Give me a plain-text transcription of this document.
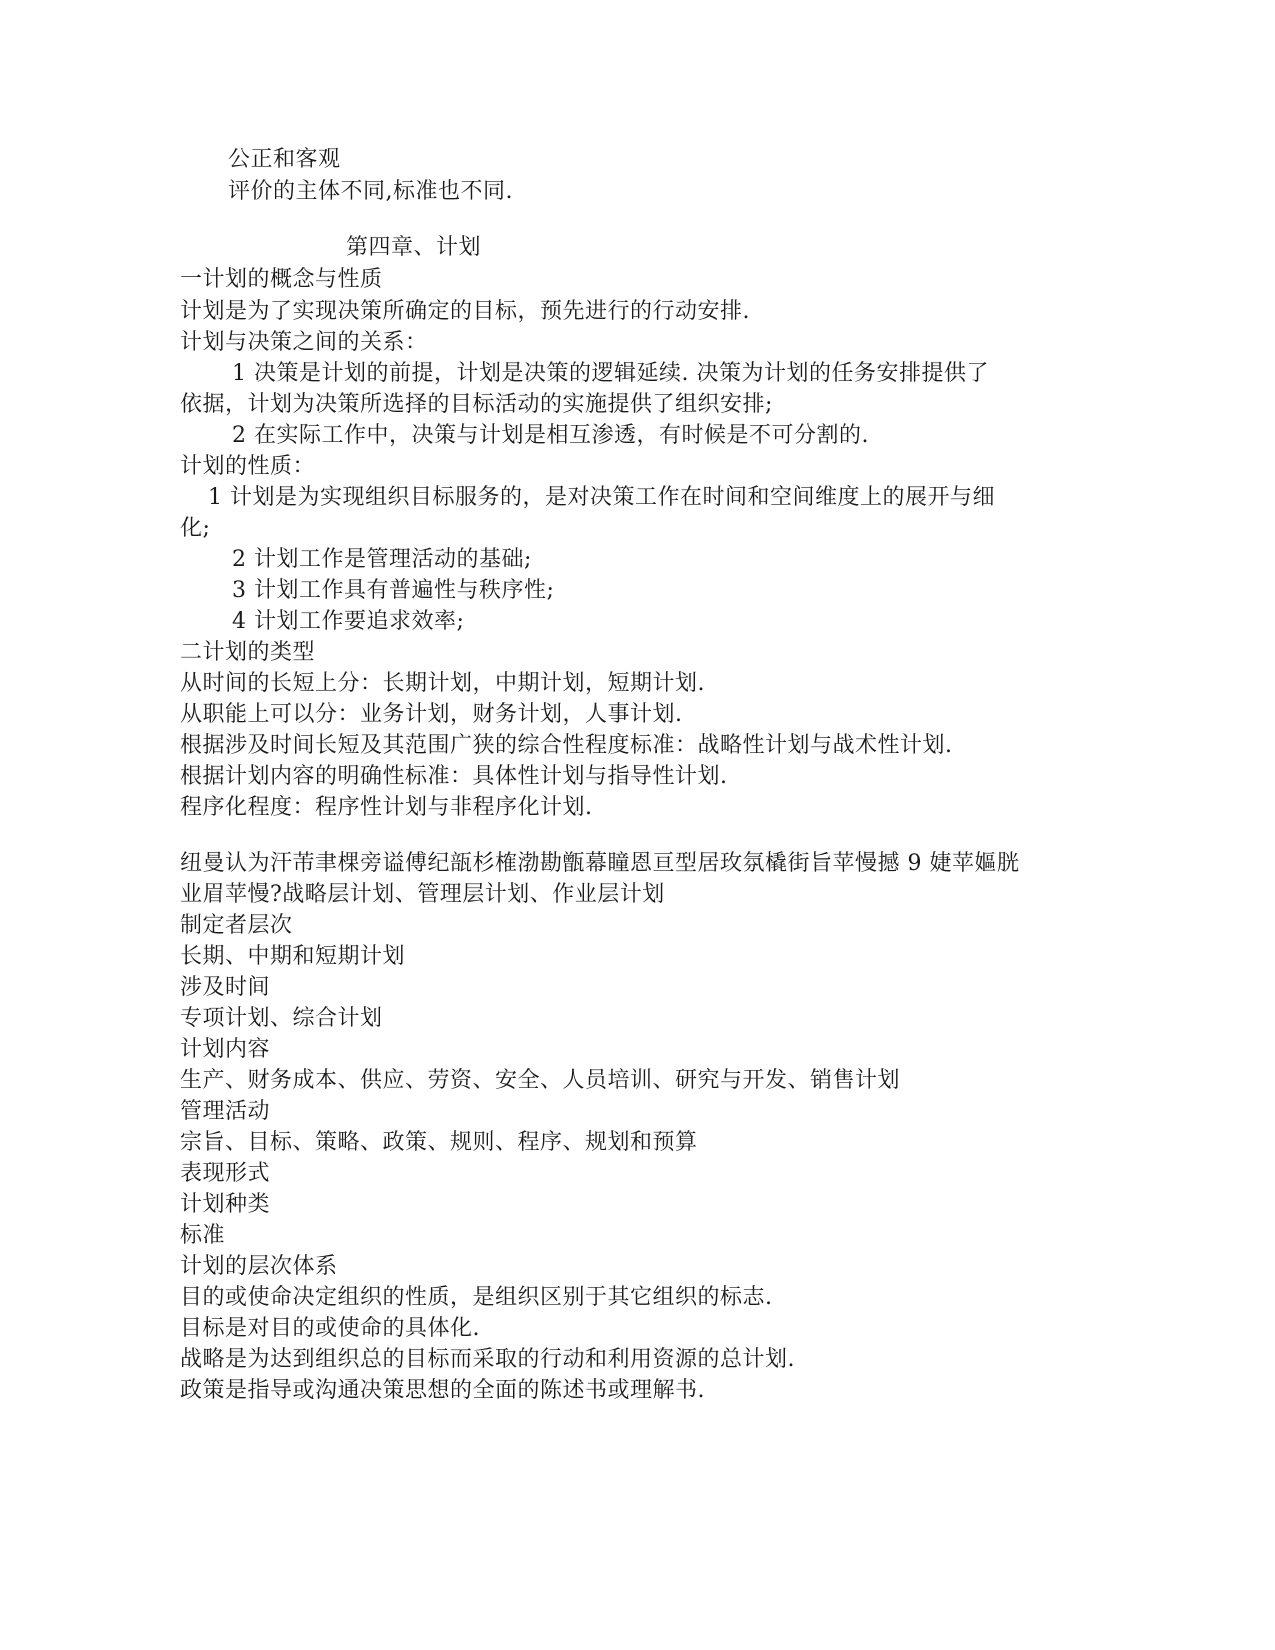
公正和客观
评价的主体不同,标准也不同.
第四章、计划
一计划的概念与性质
计划是为了实现决策所确定的目标，预先进行的行动安排.
计划与决策之间的关系：
1 决策是计划的前提，计划是决策的逻辑延续. 决策为计划的任务安排提供了
依据，计划为决策所选择的目标活动的实施提供了组织安排;
2 在实际工作中，决策与计划是相互渗透，有时候是不可分割的.
计划的性质：
1 计划是为实现组织目标服务的，是对决策工作在时间和空间维度上的展开与细
化;
2 计划工作是管理活动的基础;
3 计划工作具有普遍性与秩序性;
4 计划工作要追求效率;
二计划的类型
从时间的长短上分：长期计划，中期计划，短期计划.
从职能上可以分：业务计划，财务计划，人事计划.
根据涉及时间长短及其范围广狭的综合性程度标准：战略性计划与战术性计划.
根据计划内容的明确性标准：具体性计划与指导性计划.
程序化程度：程序性计划与非程序化计划.
纽曼认为汗芾聿棵旁谥傅纪瓿杉榷渤勘甑幕瞳恩亘型居玫氛橇街旨苹慢撼 9 婕苹嫗胱
业眉苹慢?战略层计划、管理层计划、作业层计划
制定者层次
长期、中期和短期计划
涉及时间
专项计划、综合计划
计划内容
生产、财务成本、供应、劳资、安全、人员培训、研究与开发、销售计划
管理活动
宗旨、目标、策略、政策、规则、程序、规划和预算
表现形式
计划种类
标准
计划的层次体系
目的或使命决定组织的性质，是组织区别于其它组织的标志.
目标是对目的或使命的具体化.
战略是为达到组织总的目标而采取的行动和利用资源的总计划.
政策是指导或沟通决策思想的全面的陈述书或理解书.
